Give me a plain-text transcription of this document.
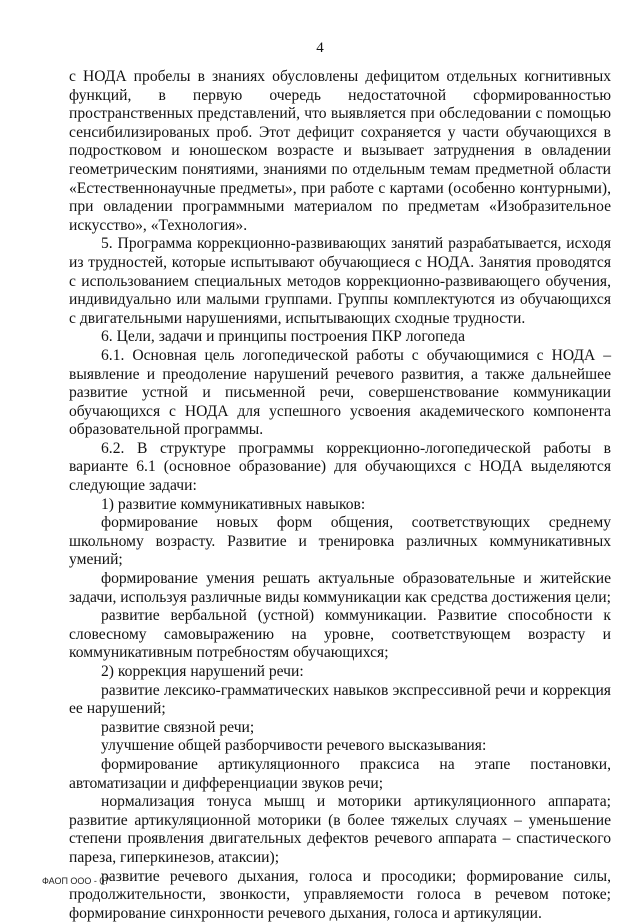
4

с НОДА пробелы в знаниях обусловлены дефицитом отдельных когнитивных функций, в первую очередь недостаточной сформированностью пространственных представлений, что выявляется при обследовании с помощью сенсибилизированых проб. Этот дефицит сохраняется у части обучающихся в подростковом и юношеском возрасте и вызывает затруднения в овладении геометрическим понятиями, знаниями по отдельным темам предметной области «Естественнонаучные предметы», при работе с картами (особенно контурными), при овладении программными материалом по предметам «Изобразительное искусство», «Технология».

5. Программа коррекционно-развивающих занятий разрабатывается, исходя из трудностей, которые испытывают обучающиеся с НОДА. Занятия проводятся с использованием специальных методов коррекционно-развивающего обучения, индивидуально или малыми группами. Группы комплектуются из обучающихся с двигательными нарушениями, испытывающих сходные трудности.

6. Цели, задачи и принципы построения ПКР логопеда

6.1. Основная цель логопедической работы с обучающимися с НОДА – выявление и преодоление нарушений речевого развития, а также дальнейшее развитие устной и письменной речи, совершенствование коммуникации обучающихся с НОДА для успешного усвоения академического компонента образовательной программы.

6.2. В структуре программы коррекционно-логопедической работы в варианте 6.1 (основное образование) для обучающихся с НОДА выделяются следующие задачи:

1) развитие коммуникативных навыков:

формирование новых форм общения, соответствующих среднему школьному возрасту. Развитие и тренировка различных коммуникативных умений;

формирование умения решать актуальные образовательные и житейские задачи, используя различные виды коммуникации как средства достижения цели;

развитие вербальной (устной) коммуникации. Развитие способности к словесному самовыражению на уровне, соответствующем возрасту и коммуникативным потребностям обучающихся;

2) коррекция нарушений речи:

развитие лексико-грамматических навыков экспрессивной речи и коррекция ее нарушений;

развитие связной речи;

улучшение общей разборчивости речевого высказывания:

формирование артикуляционного праксиса на этапе постановки, автоматизации и дифференциации звуков речи;

нормализация тонуса мышц и моторики артикуляционного аппарата; развитие артикуляционной моторики (в более тяжелых случаях – уменьшение степени проявления двигательных дефектов речевого аппарата – спастического пареза, гиперкинезов, атаксии);

развитие речевого дыхания, голоса и просодики; формирование силы, продолжительности, звонкости, управляемости голоса в речевом потоке; формирование синхронности речевого дыхания, голоса и артикуляции.

ФАОП ООО - 07
